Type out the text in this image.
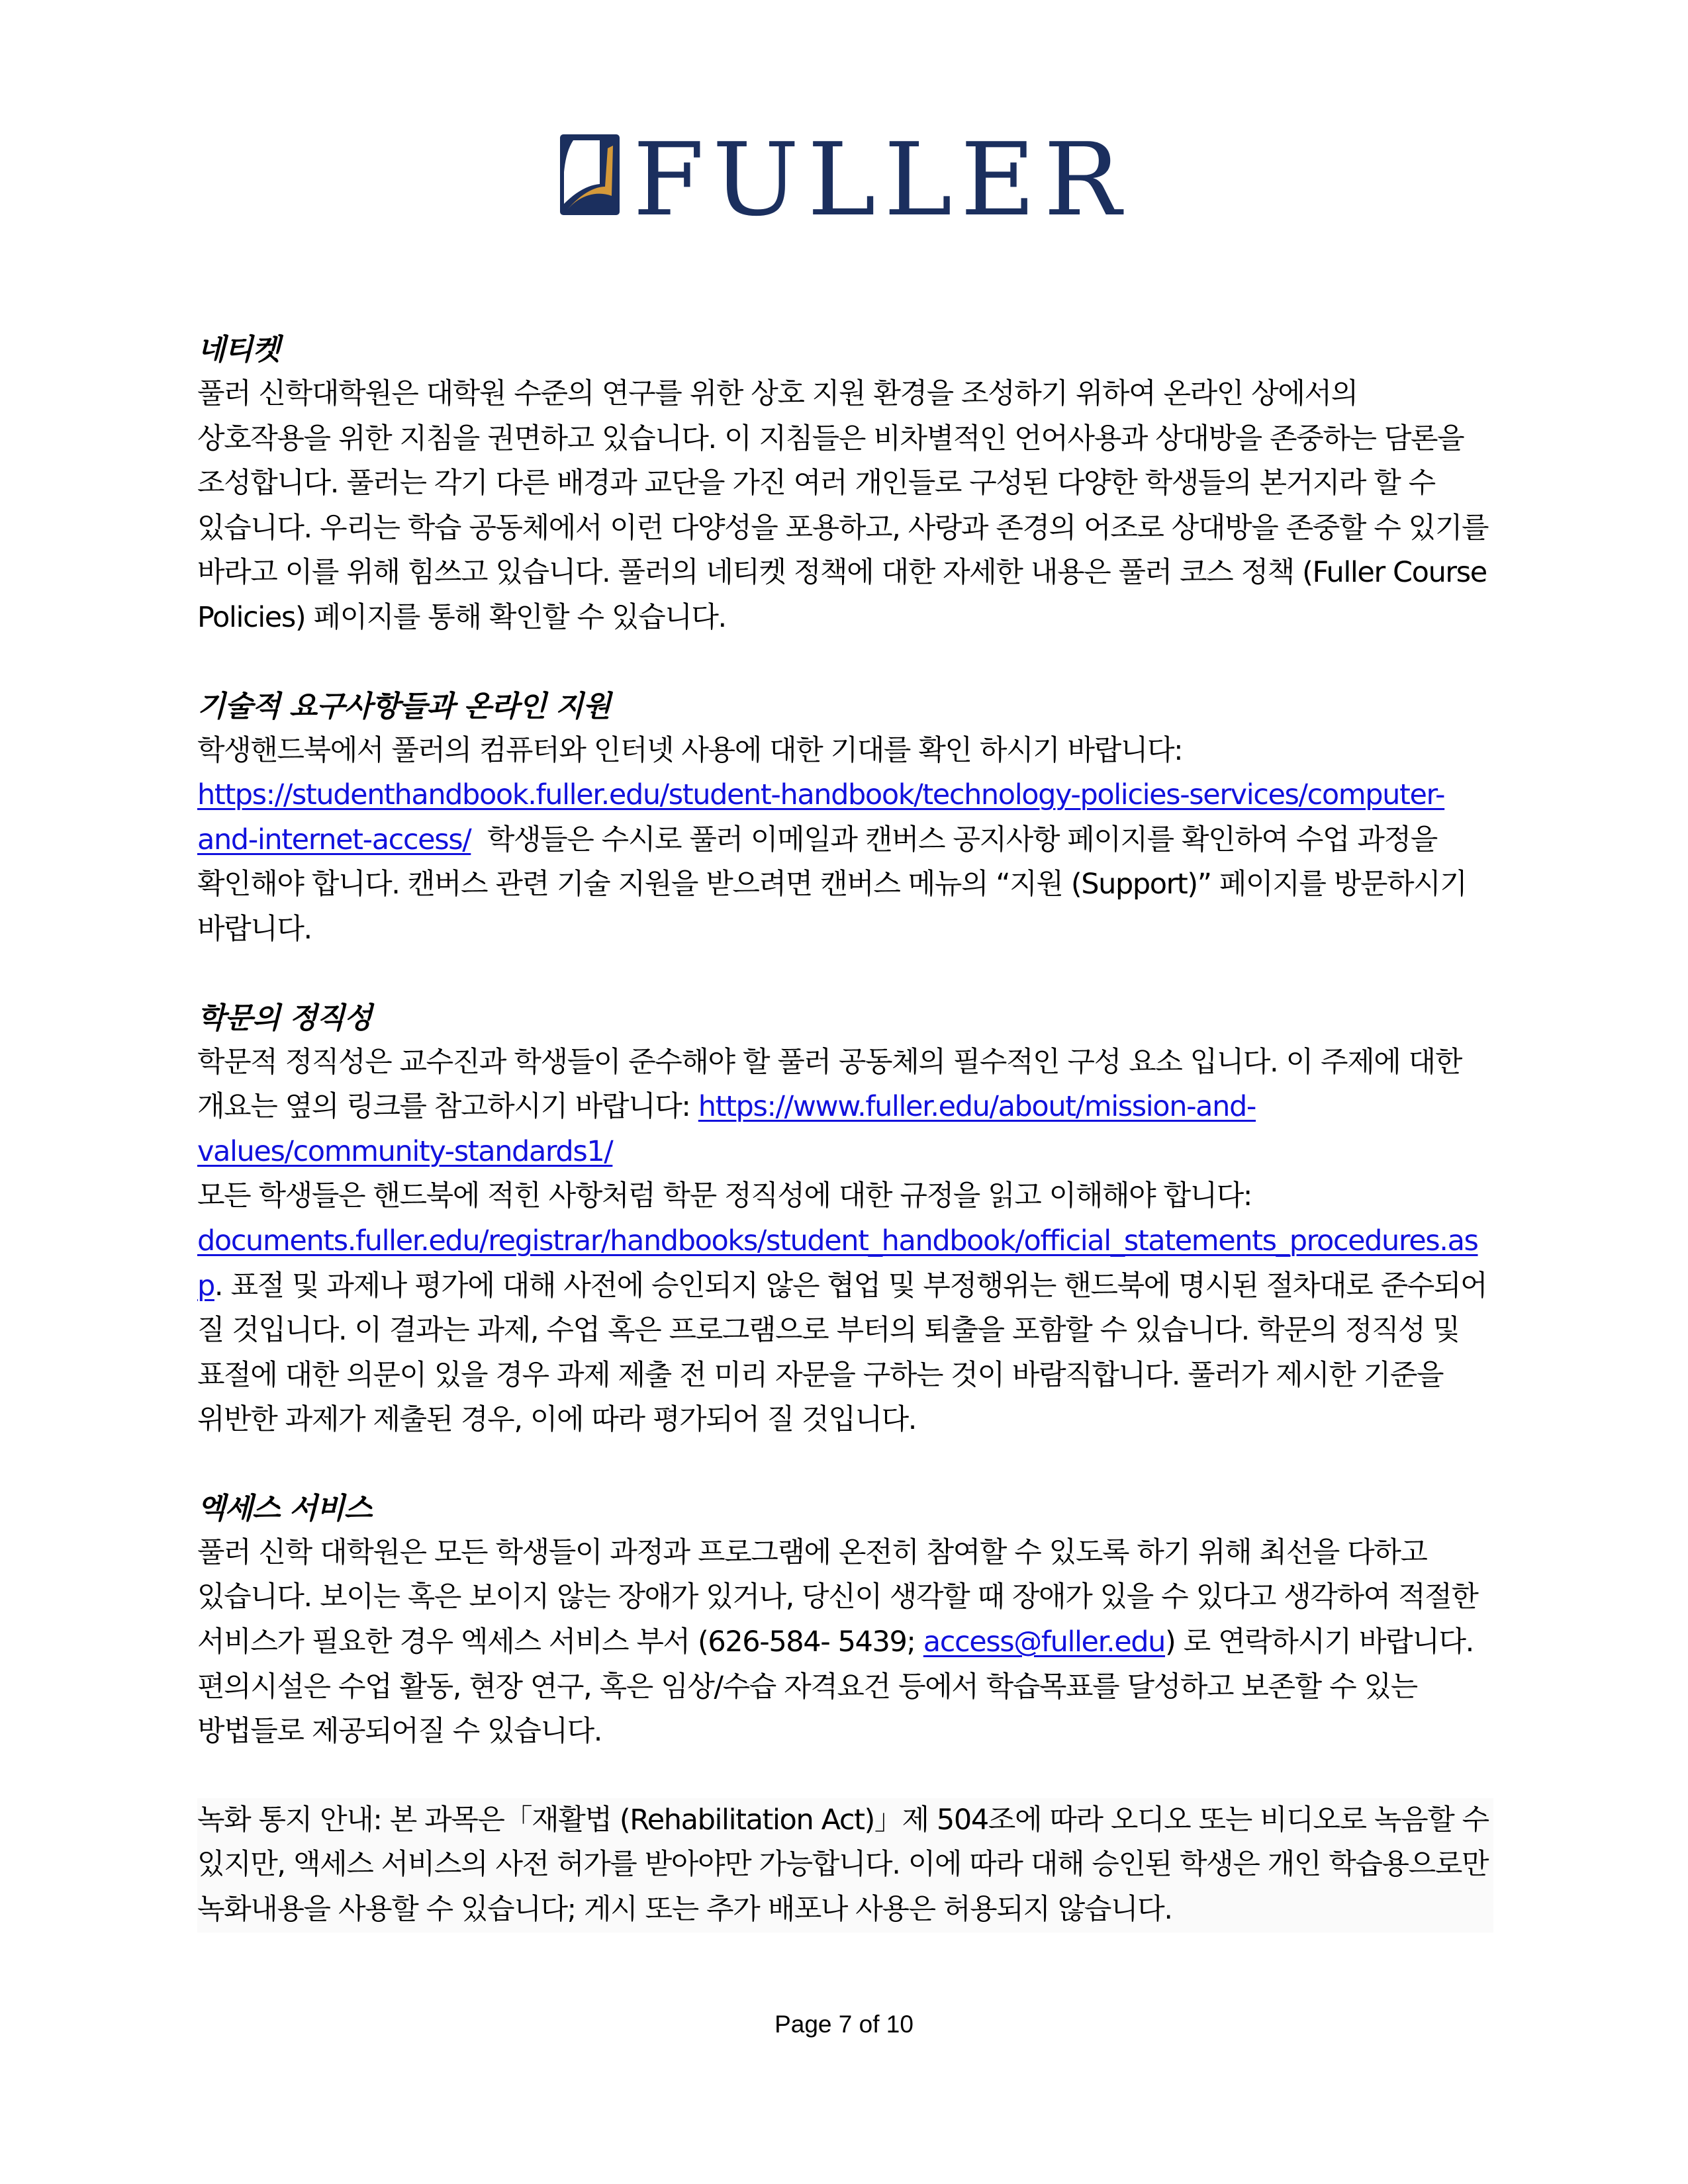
FULLER
네티켓

풀러 신학대학원은 대학원 수준의 연구를 위한 상호 지원 환경을 조성하기 위하여 온라인 상에서의 상호작용을 위한 지침을 권면하고 있습니다. 이 지침들은 비차별적인 언어사용과 상대방을 존중하는 담론을 조성합니다. 풀러는 각기 다른 배경과 교단을 가진 여러 개인들로 구성된 다양한 학생들의 본거지라 할 수 있습니다. 우리는 학습 공동체에서 이런 다양성을 포용하고, 사랑과 존경의 어조로 상대방을 존중할 수 있기를 바라고 이를 위해 힘쓰고 있습니다. 풀러의 네티켓 정책에 대한 자세한 내용은 풀러 코스 정책 (Fuller Course Policies) 페이지를 통해 확인할 수 있습니다.

기술적 요구사항들과 온라인 지원

학생핸드북에서 풀러의 컴퓨터와 인터넷 사용에 대한 기대를 확인 하시기 바랍니다:
https://studenthandbook.fuller.edu/student-handbook/technology-policies-services/computer-and-internet-access/  학생들은 수시로 풀러 이메일과 캔버스 공지사항 페이지를 확인하여 수업 과정을 확인해야 합니다. 캔버스 관련 기술 지원을 받으려면 캔버스 메뉴의 “지원 (Support)” 페이지를 방문하시기 바랍니다.

학문의 정직성

학문적 정직성은 교수진과 학생들이 준수해야 할 풀러 공동체의 필수적인 구성 요소 입니다. 이 주제에 대한 개요는 옆의 링크를 참고하시기 바랍니다: https://www.fuller.edu/about/mission-and-values/community-standards1/
모든 학생들은 핸드북에 적힌 사항처럼 학문 정직성에 대한 규정을 읽고 이해해야 합니다:
documents.fuller.edu/registrar/handbooks/student_handbook/official_statements_procedures.asp. 표절 및 과제나 평가에 대해 사전에 승인되지 않은 협업 및 부정행위는 핸드북에 명시된 절차대로 준수되어 질 것입니다. 이 결과는 과제, 수업 혹은 프로그램으로 부터의 퇴출을 포함할 수 있습니다. 학문의 정직성 및 표절에 대한 의문이 있을 경우 과제 제출 전 미리 자문을 구하는 것이 바람직합니다. 풀러가 제시한 기준을 위반한 과제가 제출된 경우, 이에 따라 평가되어 질 것입니다.

엑세스 서비스

풀러 신학 대학원은 모든 학생들이 과정과 프로그램에 온전히 참여할 수 있도록 하기 위해 최선을 다하고 있습니다. 보이는 혹은 보이지 않는 장애가 있거나, 당신이 생각할 때 장애가 있을 수 있다고 생각하여 적절한 서비스가 필요한 경우 엑세스 서비스 부서 (626-584- 5439; access@fuller.edu) 로 연락하시기 바랍니다. 편의시설은 수업 활동, 현장 연구, 혹은 임상/수습 자격요건 등에서 학습목표를 달성하고 보존할 수 있는 방법들로 제공되어질 수 있습니다.

녹화 통지 안내: 본 과목은「재활법 (Rehabilitation Act)」제 504조에 따라 오디오 또는 비디오로 녹음할 수 있지만, 액세스 서비스의 사전 허가를 받아야만 가능합니다. 이에 따라 대해 승인된 학생은 개인 학습용으로만 녹화내용을 사용할 수 있습니다; 게시 또는 추가 배포나 사용은 허용되지 않습니다.

Page 7 of 10
